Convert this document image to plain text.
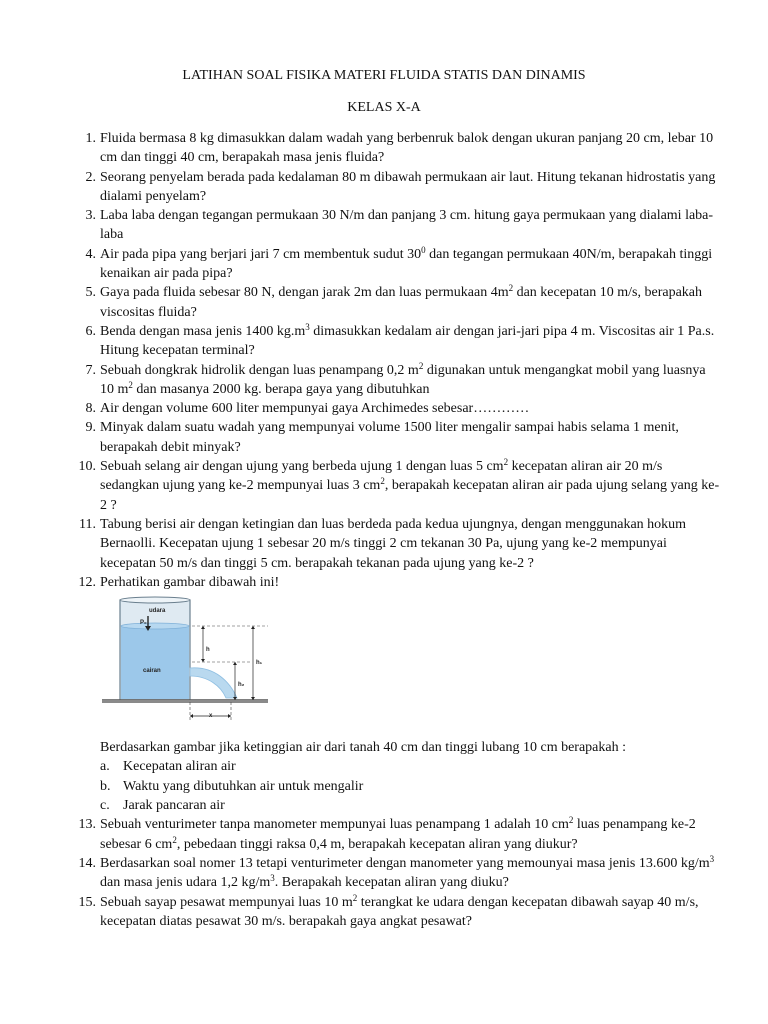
LATIHAN SOAL FISIKA MATERI FLUIDA STATIS DAN DINAMIS
KELAS X-A
1. Fluida bermasa 8 kg dimasukkan dalam wadah yang berbenruk balok dengan ukuran panjang 20 cm, lebar 10 cm dan tinggi 40 cm, berapakah masa jenis fluida?
2. Seorang penyelam berada pada kedalaman 80 m dibawah permukaan air laut. Hitung tekanan hidrostatis yang dialami penyelam?
3. Laba laba dengan tegangan permukaan 30 N/m dan panjang 3 cm. hitung gaya permukaan yang dialami laba-laba
4. Air pada pipa yang berjari jari 7 cm membentuk sudut $30^0$ dan tegangan permukaan 40N/m, berapakah tinggi kenaikan air pada pipa?
5. Gaya pada fluida sebesar 80 N, dengan jarak 2m dan luas permukaan $4m^2$ dan kecepatan 10 m/s, berapakah viscositas fluida?
6. Benda dengan masa jenis 1400 $kg.m^3$ dimasukkan kedalam air dengan jari-jari pipa 4 m. Viscositas air 1 Pa.s. Hitung kecepatan terminal?
7. Sebuah dongkrak hidrolik dengan luas penampang 0,2 $m^2$ digunakan untuk mengangkat mobil yang luasnya 10 $m^2$ dan masanya 2000 kg. berapa gaya yang dibutuhkan
8. Air dengan volume 600 liter mempunyai gaya Archimedes sebesar…………
9. Minyak dalam suatu wadah yang mempunyai volume 1500 liter mengalir sampai habis selama 1 menit, berapakah debit minyak?
10. Sebuah selang air dengan ujung yang berbeda ujung 1 dengan luas 5 $cm^2$ kecepatan aliran air 20 m/s sedangkan ujung yang ke-2 mempunyai luas 3 $cm^2$, berapakah kecepatan aliran air pada ujung selang yang ke-2 ?
11. Tabung berisi air dengan ketingian dan luas berdeda pada kedua ujungnya, dengan menggunakan hokum Bernaolli. Kecepatan ujung 1 sebesar 20 m/s tinggi 2 cm tekanan 30 Pa, ujung yang ke-2 mempunyai kecepatan 50 m/s dan tinggi 5 cm. berapakah tekanan pada ujung yang ke-2 ?
12. Perhatikan gambar dibawah ini!
udara
P₀
cairan
h
h₁
h₂
x
Berdasarkan gambar jika ketinggian air dari tanah 40 cm dan tinggi lubang 10 cm berapakah :
a. Kecepatan aliran air
b. Waktu yang dibutuhkan air untuk mengalir
c. Jarak pancaran air
13. Sebuah venturimeter tanpa manometer mempunyai luas penampang 1 adalah 10 $cm^2$ luas penampang ke-2 sebesar 6 $cm^2$, pebedaan tinggi raksa 0,4 m, berapakah kecepatan aliran yang diukur?
14. Berdasarkan soal nomer 13 tetapi venturimeter dengan manometer yang memounyai masa jenis 13.600 $kg/m^3$ dan masa jenis udara 1,2 $kg/m^3$. Berapakah kecepatan aliran yang diuku?
15. Sebuah sayap pesawat mempunyai luas 10 $m^2$ terangkat ke udara dengan kecepatan dibawah sayap 40 m/s, kecepatan diatas pesawat 30 m/s. berapakah gaya angkat pesawat?
